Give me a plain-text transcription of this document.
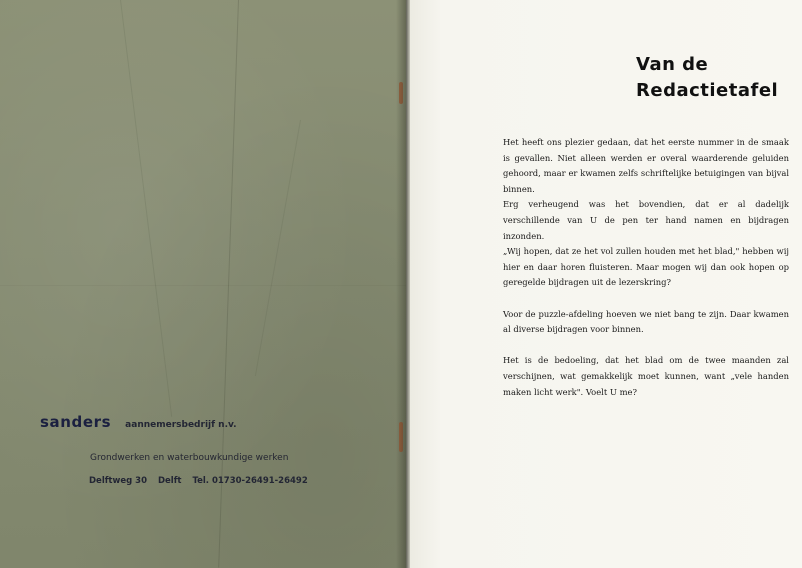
sanders aannemersbedrijf n.v.
Grondwerken en waterbouwkundige werken
Delftweg 30 Delft Tel. 01730-26491-26492
Van de
Redactietafel

Het heeft ons plezier gedaan, dat het eerste nummer in de smaak is gevallen. Niet alleen werden er overal waarderende geluiden gehoord, maar er kwamen zelfs schriftelijke betuigingen van bijval binnen.

Erg verheugend was het bovendien, dat er al dadelijk verschillende van U de pen ter hand namen en bijdragen inzonden.

„Wij hopen, dat ze het vol zullen houden met het blad," hebben wij hier en daar horen fluisteren. Maar mogen wij dan ook hopen op geregelde bijdragen uit de lezerskring?

Voor de puzzle-afdeling hoeven we niet bang te zijn. Daar kwamen al diverse bijdragen voor binnen.

Het is de bedoeling, dat het blad om de twee maanden zal verschijnen, wat gemakkelijk moet kunnen, want „vele handen maken licht werk". Voelt U me?
